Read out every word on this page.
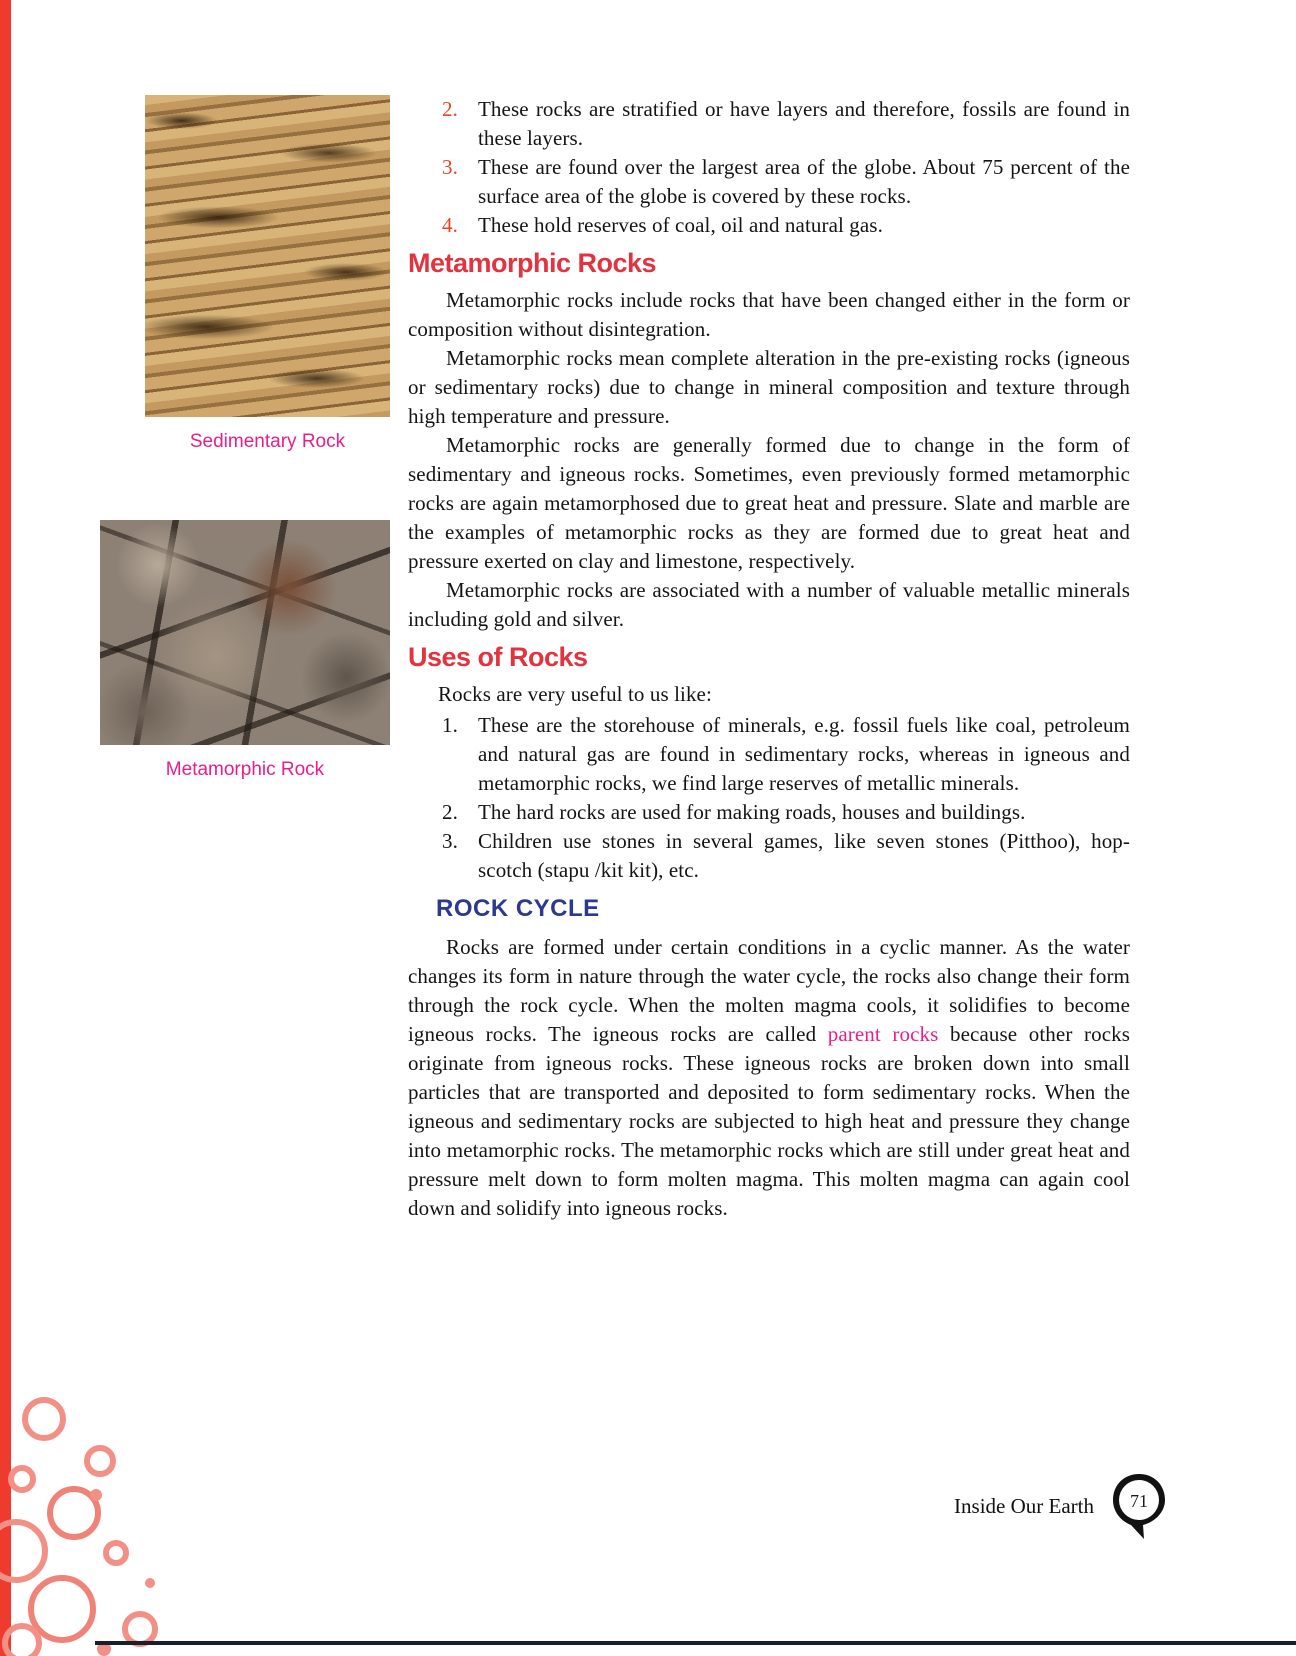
Sedimentary Rock
Metamorphic Rock
2. These rocks are stratified or have layers and therefore, fossils are found in these layers.
3. These are found over the largest area of the globe. About 75 percent of the surface area of the globe is covered by these rocks.
4. These hold reserves of coal, oil and natural gas.
Metamorphic Rocks

Metamorphic rocks include rocks that have been changed either in the form or composition without disintegration.

Metamorphic rocks mean complete alteration in the pre-existing rocks (igneous or sedimentary rocks) due to change in mineral composition and texture through high temperature and pressure.

Metamorphic rocks are generally formed due to change in the form of sedimentary and igneous rocks. Sometimes, even previously formed metamorphic rocks are again metamorphosed due to great heat and pressure. Slate and marble are the examples of metamorphic rocks as they are formed due to great heat and pressure exerted on clay and limestone, respectively.

Metamorphic rocks are associated with a number of valuable metallic minerals including gold and silver.

Uses of Rocks

Rocks are very useful to us like:

1. These are the storehouse of minerals, e.g. fossil fuels like coal, petroleum and natural gas are found in sedimentary rocks, whereas in igneous and metamorphic rocks, we find large reserves of metallic minerals.
2. The hard rocks are used for making roads, houses and buildings.
3. Children use stones in several games, like seven stones (Pitthoo), hop-scotch (stapu /kit kit), etc.
ROCK CYCLE

Rocks are formed under certain conditions in a cyclic manner. As the water changes its form in nature through the water cycle, the rocks also change their form through the rock cycle. When the molten magma cools, it solidifies to become igneous rocks. The igneous rocks are called parent rocks because other rocks originate from igneous rocks. These igneous rocks are broken down into small particles that are transported and deposited to form sedimentary rocks. When the igneous and sedimentary rocks are subjected to high heat and pressure they change into metamorphic rocks. The metamorphic rocks which are still under great heat and pressure melt down to form molten magma. This molten magma can again cool down and solidify into igneous rocks.

Inside Our Earth 71
